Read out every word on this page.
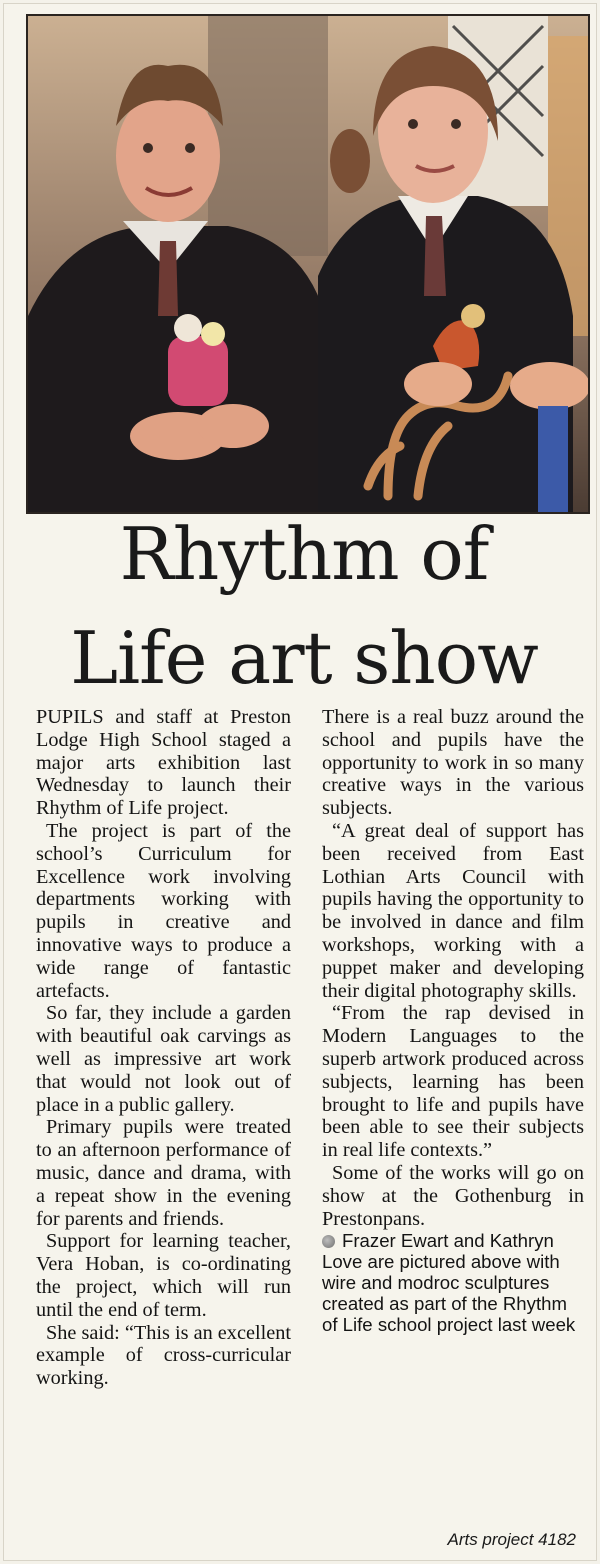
Rhythm of
Life art show

PUPILS and staff at Preston Lodge High School staged a major arts exhibition last Wednesday to launch their Rhythm of Life project.

The project is part of the school’s Curriculum for Excellence work involving departments working with pupils in creative and innovative ways to produce a wide range of fantastic artefacts.

So far, they include a garden with beautiful oak carvings as well as impressive art work that would not look out of place in a public gallery.

Primary pupils were treated to an afternoon performance of music, dance and drama, with a repeat show in the evening for parents and friends.

Support for learning teacher, Vera Hoban, is co-ordinating the project, which will run until the end of term.

She said: “This is an excellent example of cross-curricular working.

There is a real buzz around the school and pupils have the opportunity to work in so many creative ways in the various subjects.

“A great deal of support has been received from East Lothian Arts Council with pupils having the opportunity to be involved in dance and film workshops, working with a puppet maker and developing their digital photography skills.

“From the rap devised in Modern Languages to the superb artwork produced across subjects, learning has been brought to life and pupils have been able to see their subjects in real life contexts.”

Some of the works will go on show at the Gothenburg in Prestonpans.

Frazer Ewart and Kathryn Love are pictured above with wire and modroc sculptures created as part of the Rhythm of Life school project last week

Arts project 4182
